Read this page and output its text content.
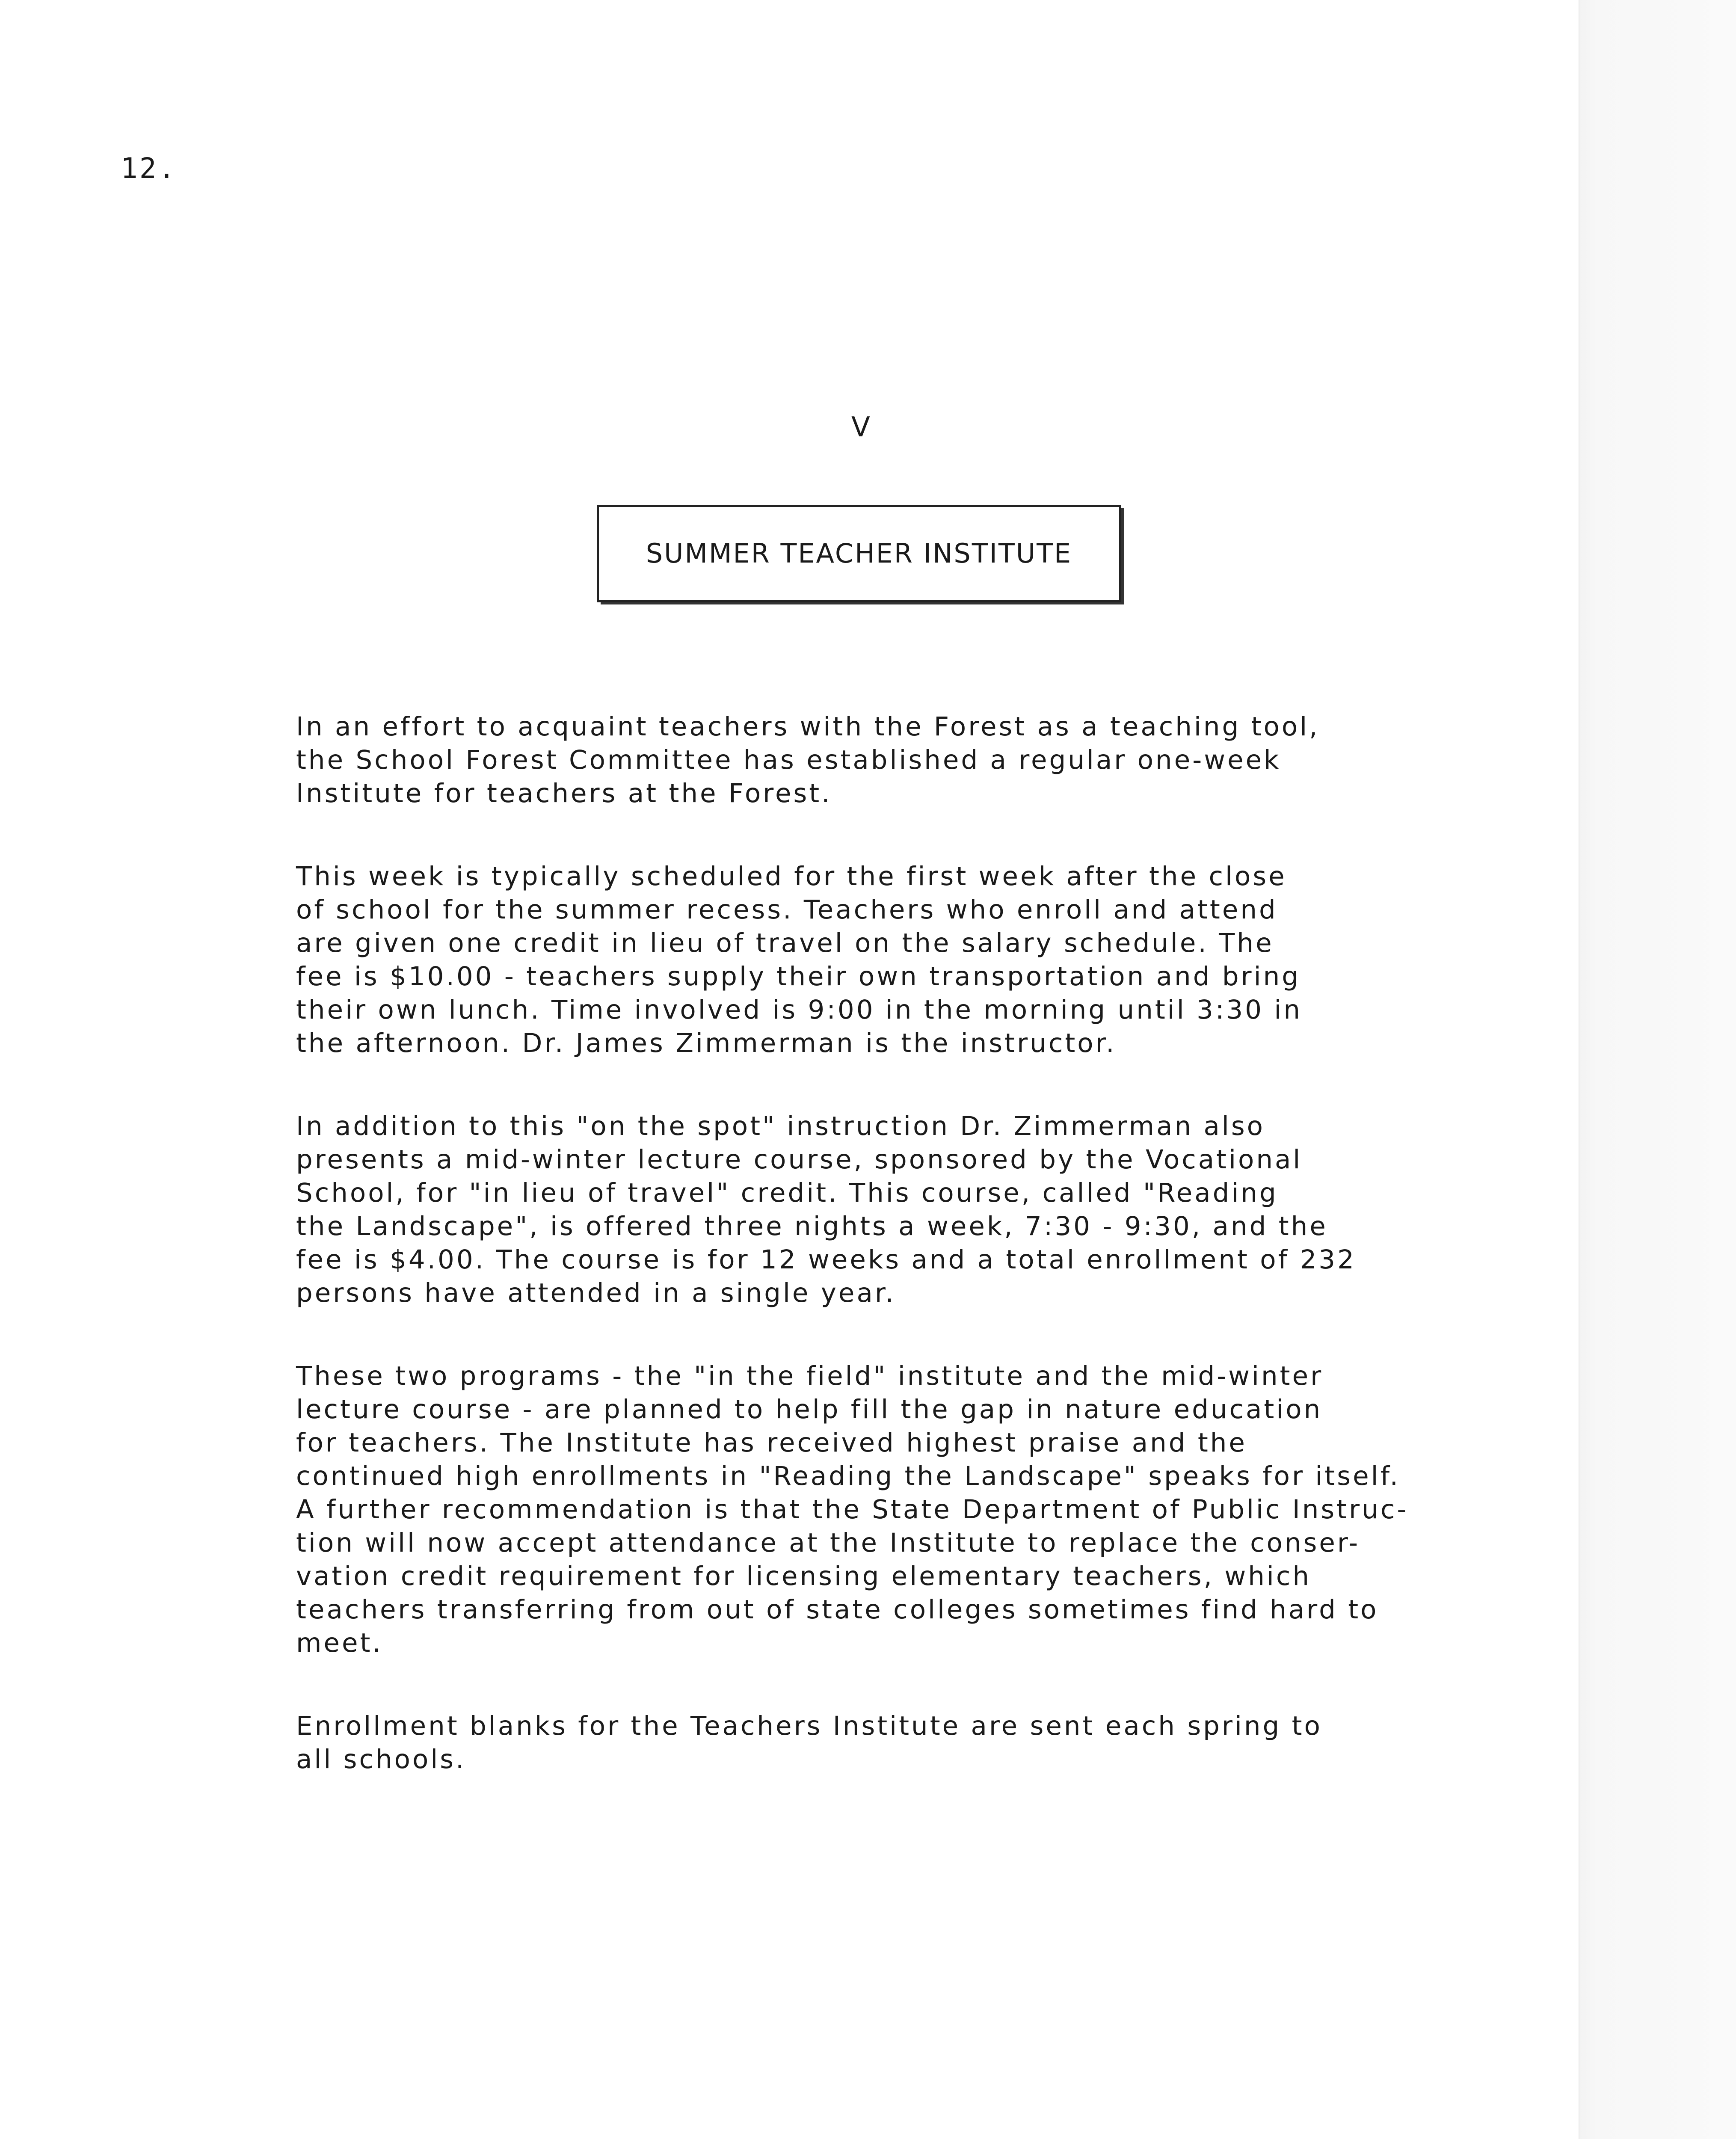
12.
V
SUMMER TEACHER INSTITUTE

In an effort to acquaint teachers with the Forest as a teaching tool,
the School Forest Committee has established a regular one-week
Institute for teachers at the Forest.

This week is typically scheduled for the first week after the close
of school for the summer recess. Teachers who enroll and attend
are given one credit in lieu of travel on the salary schedule. The
fee is $10.00 - teachers supply their own transportation and bring
their own lunch. Time involved is 9:00 in the morning until 3:30 in
the afternoon. Dr. James Zimmerman is the instructor.

In addition to this "on the spot" instruction Dr. Zimmerman also
presents a mid-winter lecture course, sponsored by the Vocational
School, for "in lieu of travel" credit. This course, called "Reading
the Landscape", is offered three nights a week, 7:30 - 9:30, and the
fee is $4.00. The course is for 12 weeks and a total enrollment of 232
persons have attended in a single year.

These two programs - the "in the field" institute and the mid-winter
lecture course - are planned to help fill the gap in nature education
for teachers. The Institute has received highest praise and the
continued high enrollments in "Reading the Landscape" speaks for itself.
A further recommendation is that the State Department of Public Instruc-
tion will now accept attendance at the Institute to replace the conser-
vation credit requirement for licensing elementary teachers, which
teachers transferring from out of state colleges sometimes find hard to
meet.

Enrollment blanks for the Teachers Institute are sent each spring to
all schools.
